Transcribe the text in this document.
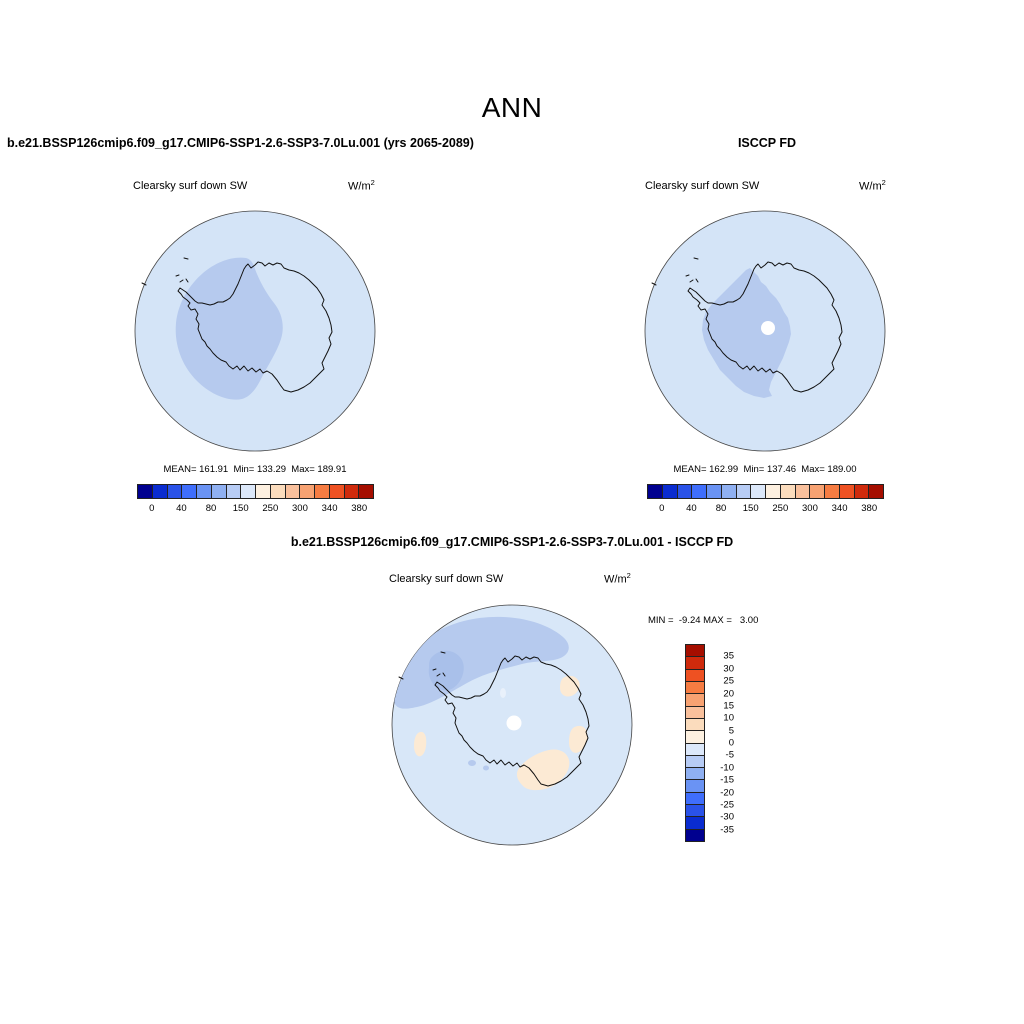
ANN
b.e21.BSSP126cmip6.f09_g17.CMIP6-SSP1-2.6-SSP3-7.0Lu.001 (yrs 2065-2089)
Clearsky surf down SW	$W/m^2$
MEAN= 161.91  Min= 133.29  Max= 189.91
0 40 80 150 250 300 340 380
ISCCP FD
Clearsky surf down SW	$W/m^2$
MEAN= 162.99  Min= 137.46  Max= 189.00
0 40 80 150 250 300 340 380
b.e21.BSSP126cmip6.f09_g17.CMIP6-SSP1-2.6-SSP3-7.0Lu.001 - ISCCP FD
Clearsky surf down SW	$W/m^2$
MIN =  -9.24 MAX =   3.00
35
30
25
20
15
10
5
0
-5
-10
-15
-20
-25
-30
-35
